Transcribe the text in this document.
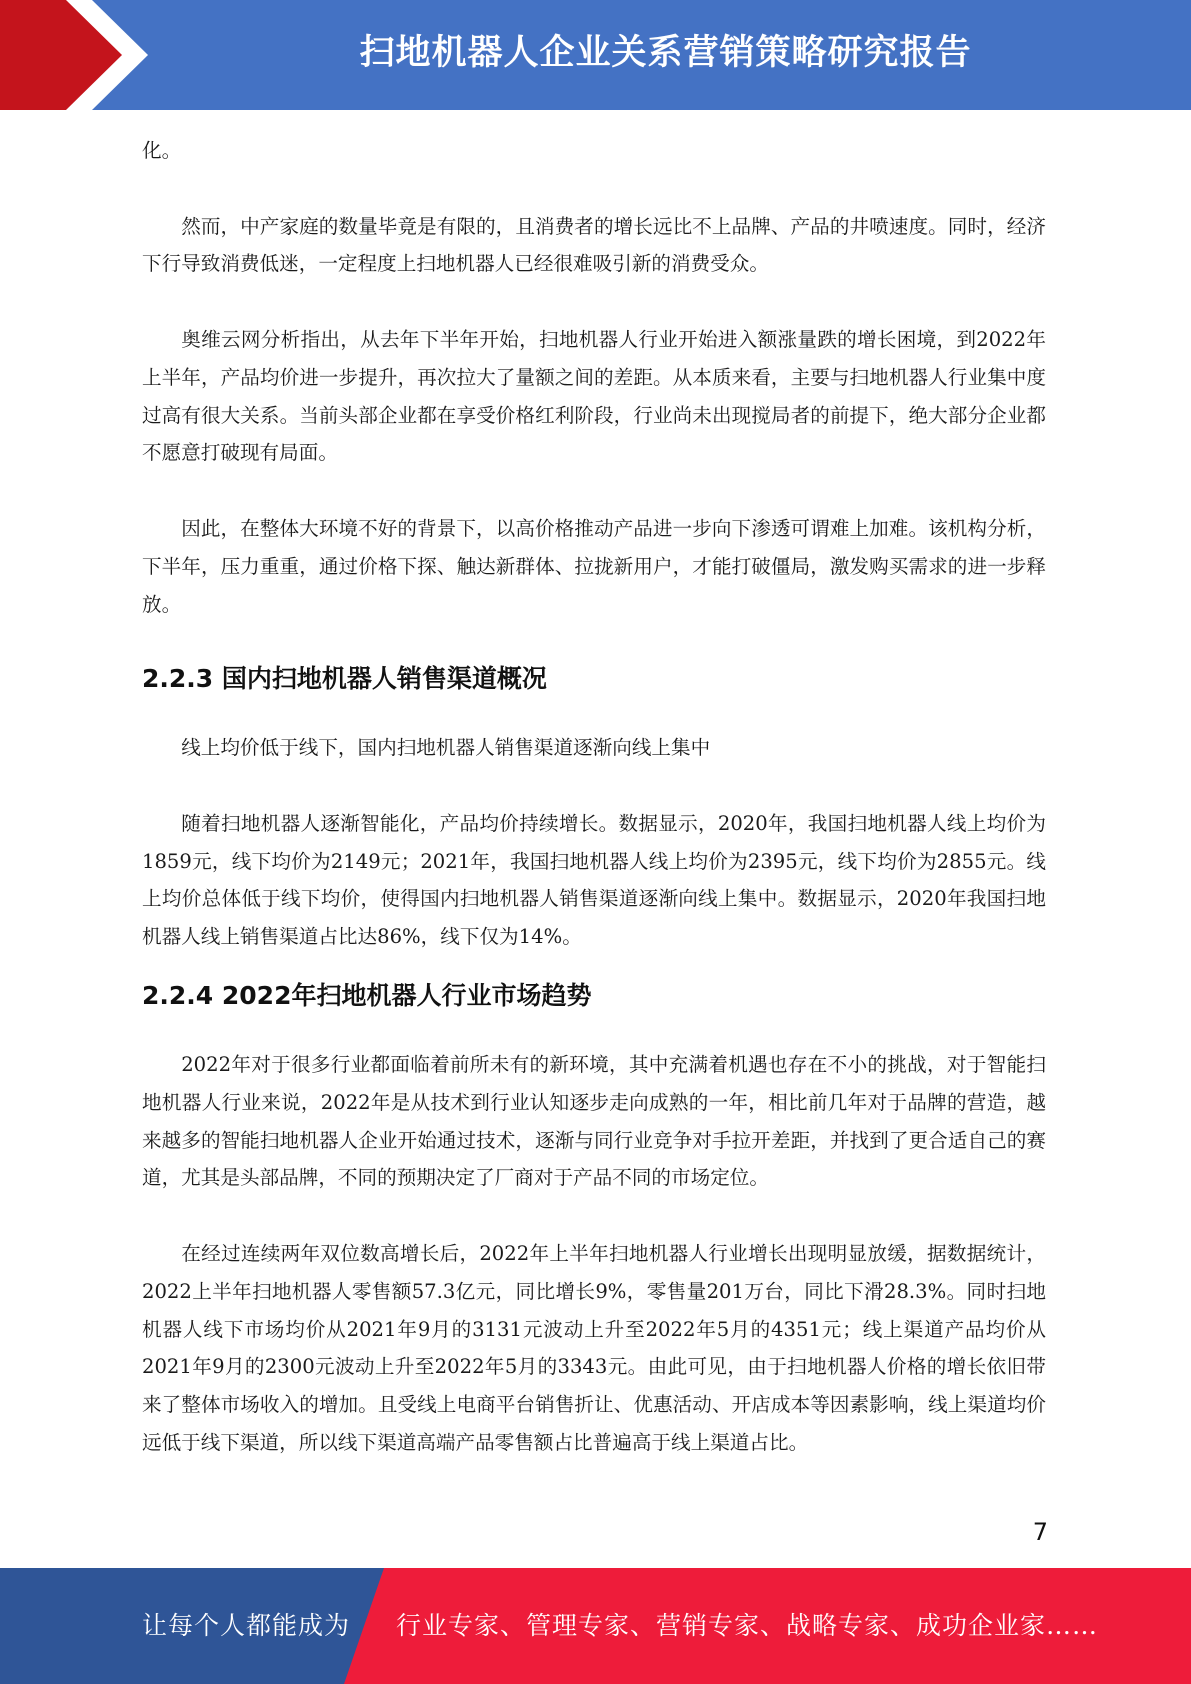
扫地机器人企业关系营销策略研究报告

化。

然而，中产家庭的数量毕竟是有限的，且消费者的增长远比不上品牌、产品的井喷速度。同时，经济下行导致消费低迷，一定程度上扫地机器人已经很难吸引新的消费受众。

奥维云网分析指出，从去年下半年开始，扫地机器人行业开始进入额涨量跌的增长困境，到2022年上半年，产品均价进一步提升，再次拉大了量额之间的差距。从本质来看，主要与扫地机器人行业集中度过高有很大关系。当前头部企业都在享受价格红利阶段，行业尚未出现搅局者的前提下，绝大部分企业都不愿意打破现有局面。

因此，在整体大环境不好的背景下，以高价格推动产品进一步向下渗透可谓难上加难。该机构分析，下半年，压力重重，通过价格下探、触达新群体、拉拢新用户，才能打破僵局，激发购买需求的进一步释放。

2.2.3 国内扫地机器人销售渠道概况

线上均价低于线下，国内扫地机器人销售渠道逐渐向线上集中

随着扫地机器人逐渐智能化，产品均价持续增长。数据显示，2020年，我国扫地机器人线上均价为1859元，线下均价为2149元；2021年，我国扫地机器人线上均价为2395元，线下均价为2855元。线上均价总体低于线下均价，使得国内扫地机器人销售渠道逐渐向线上集中。数据显示，2020年我国扫地机器人线上销售渠道占比达86%，线下仅为14%。

2.2.4 2022年扫地机器人行业市场趋势

2022年对于很多行业都面临着前所未有的新环境，其中充满着机遇也存在不小的挑战，对于智能扫地机器人行业来说，2022年是从技术到行业认知逐步走向成熟的一年，相比前几年对于品牌的营造，越来越多的智能扫地机器人企业开始通过技术，逐渐与同行业竞争对手拉开差距，并找到了更合适自己的赛道，尤其是头部品牌，不同的预期决定了厂商对于产品不同的市场定位。

在经过连续两年双位数高增长后，2022年上半年扫地机器人行业增长出现明显放缓，据数据统计，2022上半年扫地机器人零售额57.3亿元，同比增长9%，零售量201万台，同比下滑28.3%。同时扫地机器人线下市场均价从2021年9月的3131元波动上升至2022年5月的4351元；线上渠道产品均价从2021年9月的2300元波动上升至2022年5月的3343元。由此可见，由于扫地机器人价格的增长依旧带来了整体市场收入的增加。且受线上电商平台销售折让、优惠活动、开店成本等因素影响，线上渠道均价远低于线下渠道，所以线下渠道高端产品零售额占比普遍高于线上渠道占比。

7
让每个人都能成为 行业专家、管理专家、营销专家、战略专家、成功企业家……
